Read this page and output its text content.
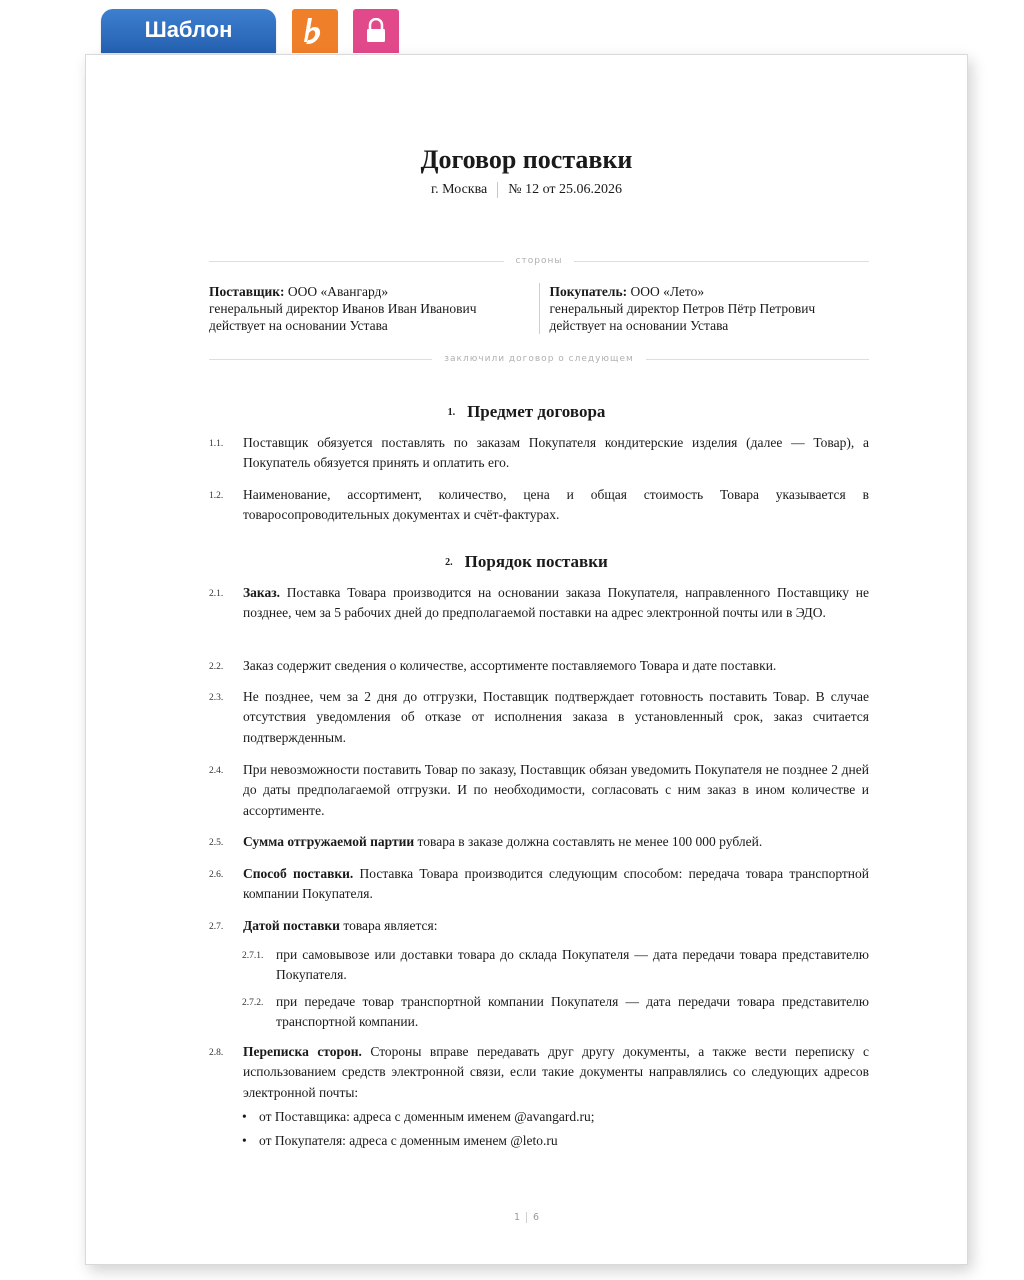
Шаблон
Договор поставки
г. Москва	№ 12 от 25.06.2026
стороны
Поставщик: ООО «Авангард»
генеральный директор Иванов Иван Иванович
действует на основании Устава
Покупатель: ООО «Лето»
генеральный директор Петров Пётр Петрович
действует на основании Устава
заключили договор о следующем
1. Предмет договора
1.1. Поставщик обязуется поставлять по заказам Покупателя кондитерские изделия (далее — Товар), а Покупатель обязуется принять и оплатить его.
1.2. Наименование, ассортимент, количество, цена и общая стоимость Товара указывается в товаросопроводительных документах и счёт-фактурах.
2. Порядок поставки
2.1. Заказ. Поставка Товара производится на основании заказа Покупателя, направленного Поставщику не позднее, чем за 5 рабочих дней до предполагаемой поставки на адрес электронной почты или в ЭДО.
2.2. Заказ содержит сведения о количестве, ассортименте поставляемого Товара и дате поставки.
2.3. Не позднее, чем за 2 дня до отгрузки, Поставщик подтверждает готовность поставить Товар. В случае отсутствия уведомления об отказе от исполнения заказа в установленный срок, заказ считается подтвержденным.
2.4. При невозможности поставить Товар по заказу, Поставщик обязан уведомить Покупателя не позднее 2 дней до даты предполагаемой отгрузки. И по необходимости, согласовать с ним заказ в ином количестве и ассортименте.
2.5. Сумма отгружаемой партии товара в заказе должна составлять не менее 100 000 рублей.
2.6. Способ поставки. Поставка Товара производится следующим способом: передача товара транспортной компании Покупателя.
2.7. Датой поставки товара является:
2.7.1. при самовывозе или доставки товара до склада Покупателя — дата передачи товара представителю Покупателя.
2.7.2. при передаче товар транспортной компании Покупателя — дата передачи товара представителю транспортной компании.
2.8. Переписка сторон. Стороны вправе передавать друг другу документы, а также вести переписку с использованием средств электронной связи, если такие документы направлялись со следующих адресов электронной почты:
• от Поставщика: адреса с доменным именем @avangard.ru;
• от Покупателя: адреса с доменным именем @leto.ru
1	6
